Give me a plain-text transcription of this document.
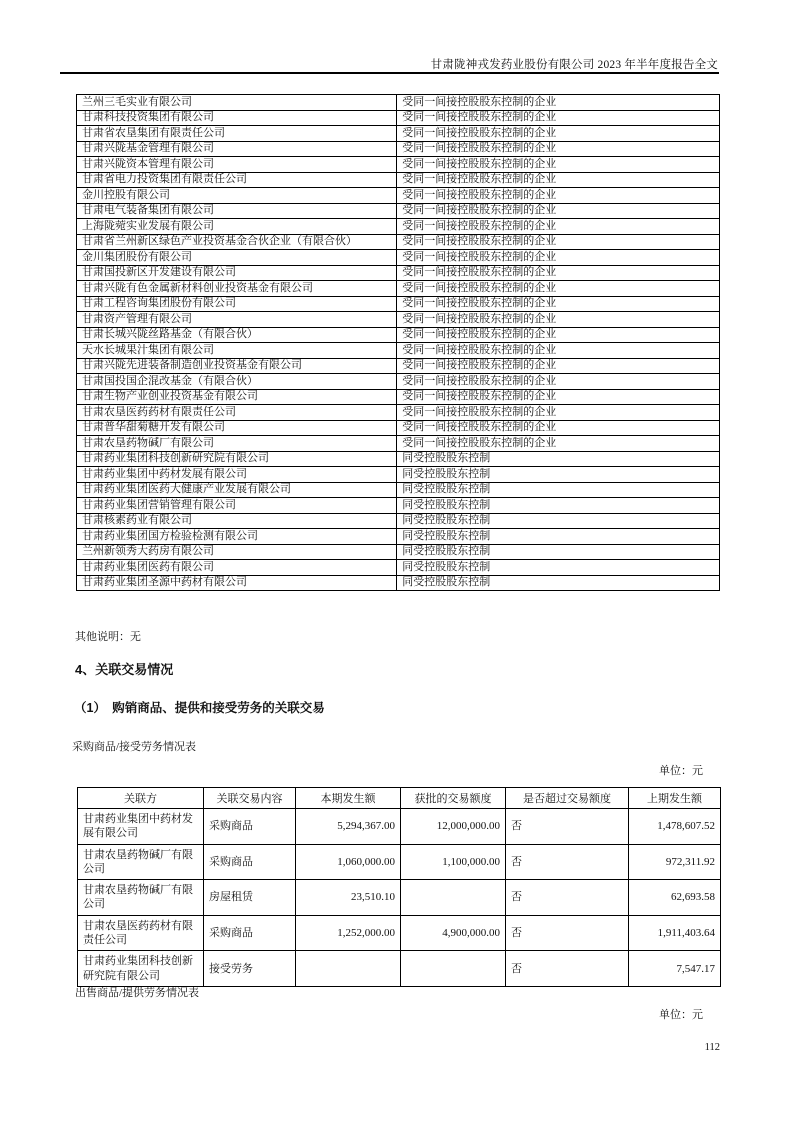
甘肃陇神戎发药业股份有限公司 2023 年半年度报告全文
兰州三毛实业有限公司	受同一间接控股股东控制的企业
甘肃科技投资集团有限公司	受同一间接控股股东控制的企业
甘肃省农垦集团有限责任公司	受同一间接控股股东控制的企业
甘肃兴陇基金管理有限公司	受同一间接控股股东控制的企业
甘肃兴陇资本管理有限公司	受同一间接控股股东控制的企业
甘肃省电力投资集团有限责任公司	受同一间接控股股东控制的企业
金川控股有限公司	受同一间接控股股东控制的企业
甘肃电气装备集团有限公司	受同一间接控股股东控制的企业
上海陇菀实业发展有限公司	受同一间接控股股东控制的企业
甘肃省兰州新区绿色产业投资基金合伙企业（有限合伙）	受同一间接控股股东控制的企业
金川集团股份有限公司	受同一间接控股股东控制的企业
甘肃国投新区开发建设有限公司	受同一间接控股股东控制的企业
甘肃兴陇有色金属新材料创业投资基金有限公司	受同一间接控股股东控制的企业
甘肃工程咨询集团股份有限公司	受同一间接控股股东控制的企业
甘肃资产管理有限公司	受同一间接控股股东控制的企业
甘肃长城兴陇丝路基金（有限合伙）	受同一间接控股股东控制的企业
天水长城果汁集团有限公司	受同一间接控股股东控制的企业
甘肃兴陇先进装备制造创业投资基金有限公司	受同一间接控股股东控制的企业
甘肃国投国企混改基金（有限合伙）	受同一间接控股股东控制的企业
甘肃生物产业创业投资基金有限公司	受同一间接控股股东控制的企业
甘肃农垦医药药材有限责任公司	受同一间接控股股东控制的企业
甘肃普华甜菊糖开发有限公司	受同一间接控股股东控制的企业
甘肃农垦药物碱厂有限公司	受同一间接控股股东控制的企业
甘肃药业集团科技创新研究院有限公司	同受控股股东控制
甘肃药业集团中药材发展有限公司	同受控股股东控制
甘肃药业集团医药大健康产业发展有限公司	同受控股股东控制
甘肃药业集团营销管理有限公司	同受控股股东控制
甘肃核素药业有限公司	同受控股股东控制
甘肃药业集团国方检验检测有限公司	同受控股股东控制
兰州新领秀大药房有限公司	同受控股股东控制
甘肃药业集团医药有限公司	同受控股股东控制
甘肃药业集团圣源中药材有限公司	同受控股股东控制
其他说明：无
4、关联交易情况
（1）　购销商品、提供和接受劳务的关联交易
采购商品/接受劳务情况表
单位：元
关联方	关联交易内容	本期发生额	获批的交易额度	是否超过交易额度	上期发生额
甘肃药业集团中药材发展有限公司	采购商品	5,294,367.00	12,000,000.00	否	1,478,607.52
甘肃农垦药物碱厂有限公司	采购商品	1,060,000.00	1,100,000.00	否	972,311.92
甘肃农垦药物碱厂有限公司	房屋租赁	23,510.10		否	62,693.58
甘肃农垦医药药材有限责任公司	采购商品	1,252,000.00	4,900,000.00	否	1,911,403.64
甘肃药业集团科技创新研究院有限公司	接受劳务			否	7,547.17
出售商品/提供劳务情况表
单位：元
112
